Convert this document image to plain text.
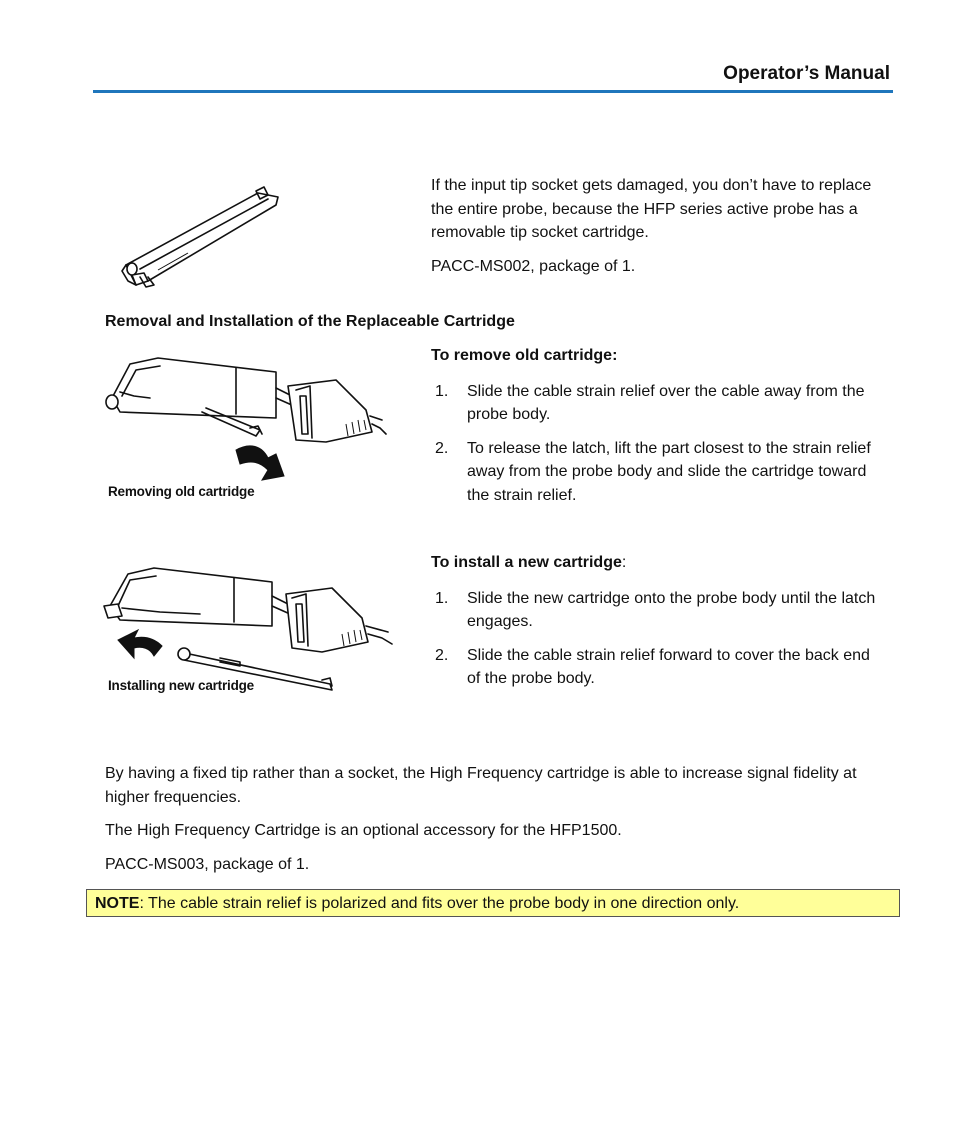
Operator’s Manual

If the input tip socket gets damaged, you don’t have to replace the entire probe, because the HFP series active probe has a removable tip socket cartridge.

PACC-MS002, package of 1.

Removal and Installation of the Replaceable Cartridge
Removing old cartridge

To remove old cartridge:

1. Slide the cable strain relief over the cable away from the probe body.
2. To release the latch, lift the part closest to the strain relief away from the probe body and slide the cartridge toward the strain relief.
Installing new cartridge

To install a new cartridge:

1. Slide the new cartridge onto the probe body until the latch engages.
2. Slide the cable strain relief forward to cover the back end of the probe body.

By having a fixed tip rather than a socket, the High Frequency cartridge is able to increase signal fidelity at higher frequencies.

The High Frequency Cartridge is an optional accessory for the HFP1500.

PACC-MS003, package of 1.

NOTE: The cable strain relief is polarized and fits over the probe body in one direction only.
